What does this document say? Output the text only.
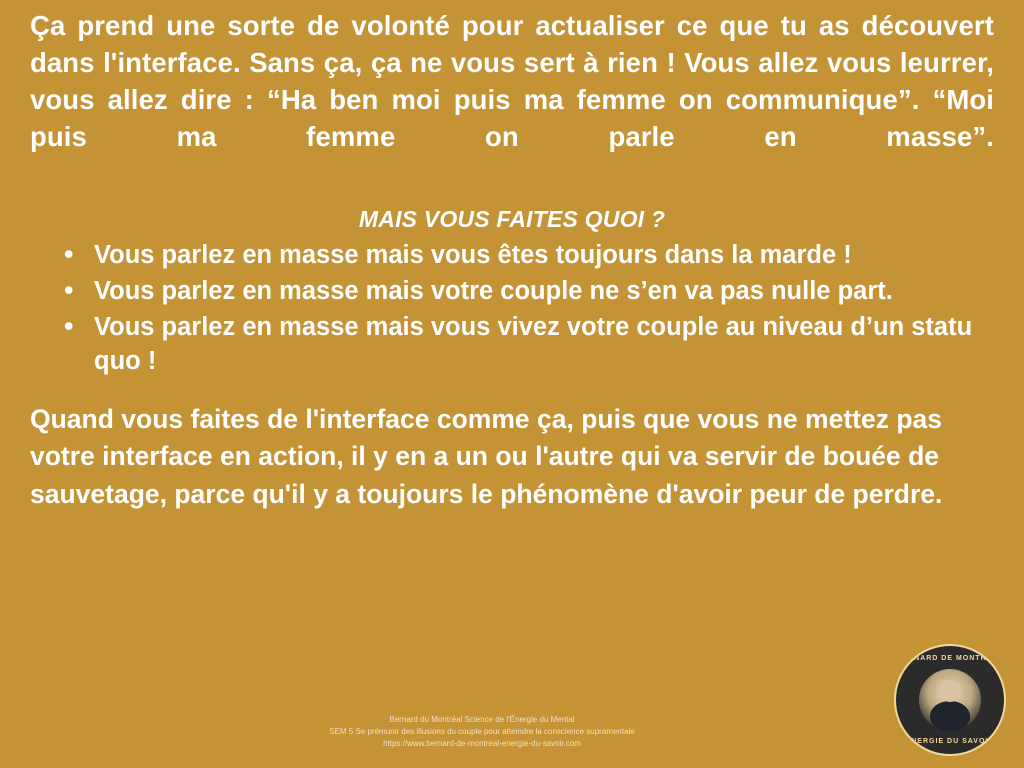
Ça prend une sorte de volonté pour actualiser ce que tu as découvert dans l'interface. Sans ça, ça ne vous sert à rien ! Vous allez vous leurrer, vous allez dire : “Ha ben moi puis ma femme on communique”. “Moi puis ma femme on parle en masse”.

MAIS VOUS FAITES QUOI ?
• Vous parlez en masse mais vous êtes toujours dans la marde !
• Vous parlez en masse mais votre couple ne s’en va pas nulle part.
• Vous parlez en masse mais vous vivez votre couple au niveau d’un statu quo !

Quand vous faites de l'interface comme ça, puis que vous ne mettez pas votre interface en action, il y en a un ou l'autre qui va servir de bouée de sauvetage, parce qu'il y a toujours le phénomène d'avoir peur de perdre.

Bernard du Montréal Science de l'Énergie du Mental
SEM 5 Se prémunir des illusions du couple pour atteindre la conscience supramentale
https://www.bernard-de-montreal-energie-du-savoir.com
BERNARD DE MONTRÉAL
ÉNERGIE DU SAVOIR
